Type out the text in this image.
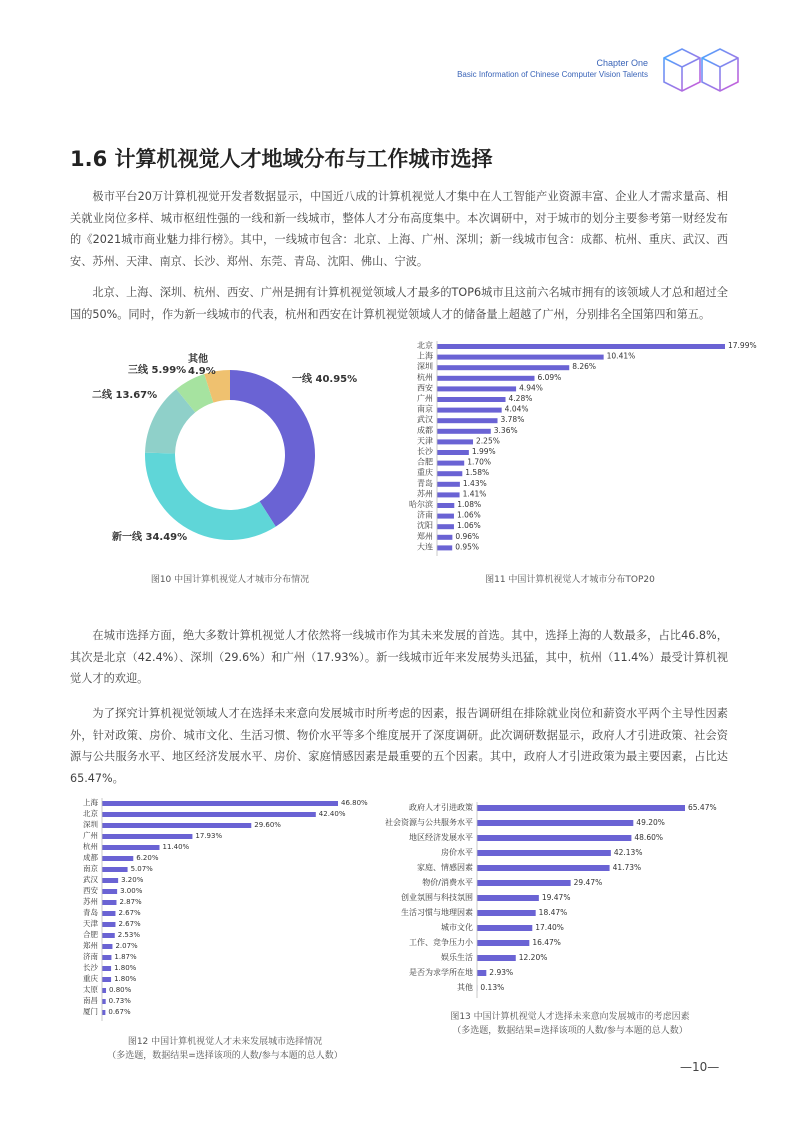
Chapter One
Basic Information of Chinese Computer Vision Talents
1.6 计算机视觉人才地域分布与工作城市选择

极市平台20万计算机视觉开发者数据显示，中国近八成的计算机视觉人才集中在人工智能产业资源丰富、企业人才需求量高、相关就业岗位多样、城市枢纽性强的一线和新一线城市，整体人才分布高度集中。本次调研中，对于城市的划分主要参考第一财经发布的《2021城市商业魅力排行榜》。其中，一线城市包含：北京、上海、广州、深圳；新一线城市包含：成都、杭州、重庆、武汉、西安、苏州、天津、南京、长沙、郑州、东莞、青岛、沈阳、佛山、宁波。

北京、上海、深圳、杭州、西安、广州是拥有计算机视觉领域人才最多的TOP6城市且这前六名城市拥有的该领域人才总和超过全国的50%。同时，作为新一线城市的代表，杭州和西安在计算机视觉领域人才的储备量上超越了广州，分别排名全国第四和第五。

在城市选择方面，绝大多数计算机视觉人才依然将一线城市作为其未来发展的首选。其中，选择上海的人数最多，占比46.8%，其次是北京（42.4%）、深圳（29.6%）和广州（17.93%）。新一线城市近年来发展势头迅猛，其中，杭州（11.4%）最受计算机视觉人才的欢迎。

为了探究计算机视觉领域人才在选择未来意向发展城市时所考虑的因素，报告调研组在排除就业岗位和薪资水平两个主导性因素外，针对政策、房价、城市文化、生活习惯、物价水平等多个维度展开了深度调研。此次调研数据显示，政府人才引进政策、社会资源与公共服务水平、地区经济发展水平、房价、家庭情感因素是最重要的五个因素。其中，政府人才引进政策为最主要因素，占比达65.47%。

一线 40.95%
新一线 34.49%
二线 13.67%
三线 5.99%
其他
4.9%
北京	17.99%
上海	10.41%
深圳	8.26%
杭州	6.09%
西安	4.94%
广州	4.28%
南京	4.04%
武汉	3.78%
成都	3.36%
天津	2.25%
长沙	1.99%
合肥	1.70%
重庆	1.58%
青岛	1.43%
苏州	1.41%
哈尔滨	1.08%
济南	1.06%
沈阳	1.06%
郑州	0.96%
大连	0.95%
上海	46.80%
北京	42.40%
深圳	29.60%
广州	17.93%
杭州	11.40%
成都	6.20%
南京	5.07%
武汉	3.20%
西安	3.00%
苏州	2.87%
青岛	2.67%
天津	2.67%
合肥	2.53%
郑州 2.07%
济南 1.87%
长沙 1.80%
重庆 1.80%
太原 0.80%
南昌 0.73%
厦门 0.67%
政府人才引进政策	65.47%
社会资源与公共服务水平	49.20%
地区经济发展水平	48.60%
房价水平	42.13%
家庭、情感因素	41.73%
物价/消费水平	29.47%
创业氛围与科技氛围	19.47%
生活习惯与地理因素	18.47%
城市文化	17.40%
工作、竞争压力小	16.47%
娱乐生活	12.20%
是否为求学所在地 2.93%
其他 0.13%
图10 中国计算机视觉人才城市分布情况	图11 中国计算机视觉人才城市分布TOP20
图12 中国计算机视觉人才未来发展城市选择情况
（多选题，数据结果=选择该项的人数/参与本题的总人数）
图13 中国计算机视觉人才选择未来意向发展城市的考虑因素
（多选题，数据结果=选择该项的人数/参与本题的总人数）
—10—
